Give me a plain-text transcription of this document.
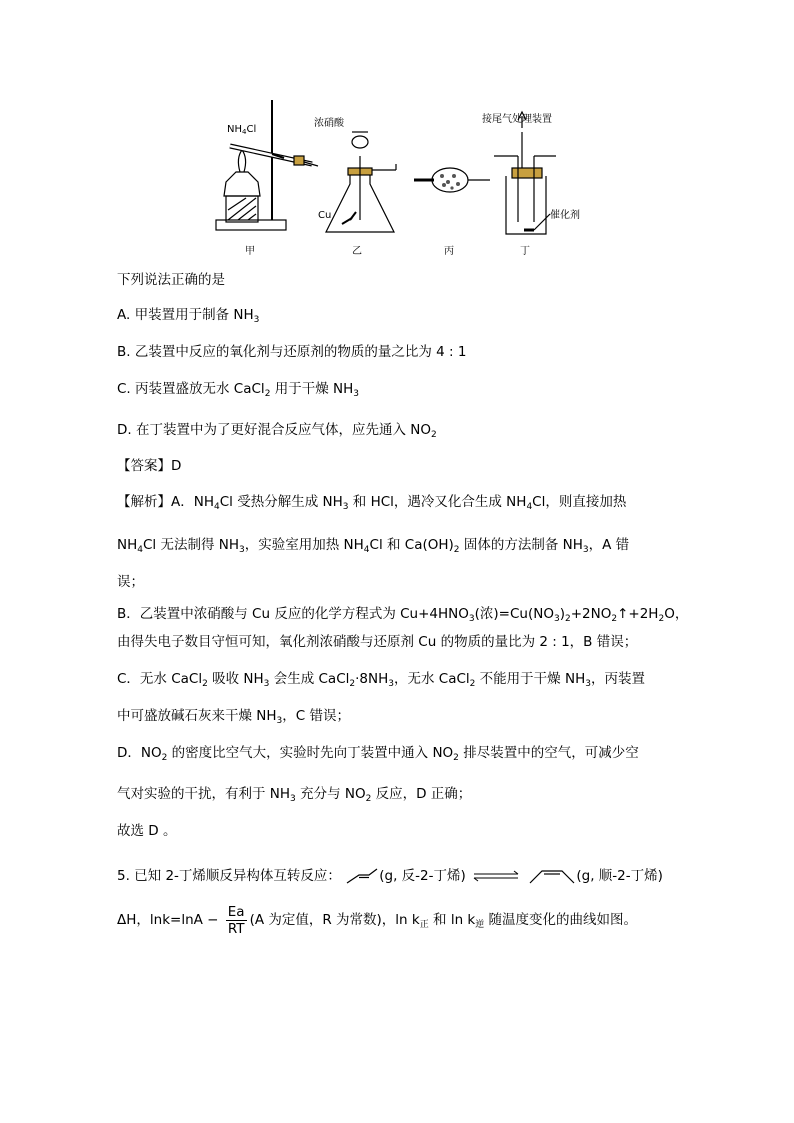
$NH_4Cl$
浓硝酸
Cu
接尾气处理装置
催化剂
甲	乙	丙	丁
下列说法正确的是
A. 甲装置用于制备 $NH_3$
B. 乙装置中反应的氧化剂与还原剂的物质的量之比为 4 : 1
C. 丙装置盛放无水 CaCl$_2$ 用于干燥 $NH_3$
D. 在丁装置中为了更好混合反应气体，应先通入 $NO_2$
【答案】D
【解析】A．$NH_4Cl$ 受热分解生成 $NH_3$ 和 HCl，遇冷又化合生成 $NH_4Cl$，则直接加热
$NH_4Cl$ 无法制得 $NH_3$，实验室用加热 $NH_4Cl$ 和 $Ca(OH)_2$ 固体的方法制备 $NH_3$，A 错
误；
B．乙装置中浓硝酸与 Cu 反应的化学方程式为 $Cu+4HNO_3$(浓)$=Cu(NO_3)_2+2NO_2↑+2H_2O$，
由得失电子数目守恒可知，氧化剂浓硝酸与还原剂 Cu 的物质的量比为 2 : 1，B 错误；
C．无水 CaCl$_2$ 吸收 $NH_3$ 会生成 $CaCl_2\cdot 8NH_3$，无水 CaCl$_2$ 不能用于干燥 $NH_3$，丙装置
中可盛放碱石灰来干燥 $NH_3$，C 错误；
D．$NO_2$ 的密度比空气大，实验时先向丁装置中通入 $NO_2$ 排尽装置中的空气，可减少空
气对实验的干扰，有利于 $NH_3$ 充分与 $NO_2$ 反应，D 正确；
故选 D 。
5. 已知 2-丁烯顺反异构体互转反应：	(g, 反-2-丁烯) ⇌	(g, 顺-2-丁烯)
ΔH，$\ln k=\ln A - \frac{Ea}{RT} (A$ 为定值，R 为常数)，$\ln k_正$ 和 $\ln k_逆$ 随温度变化的曲线如图。
